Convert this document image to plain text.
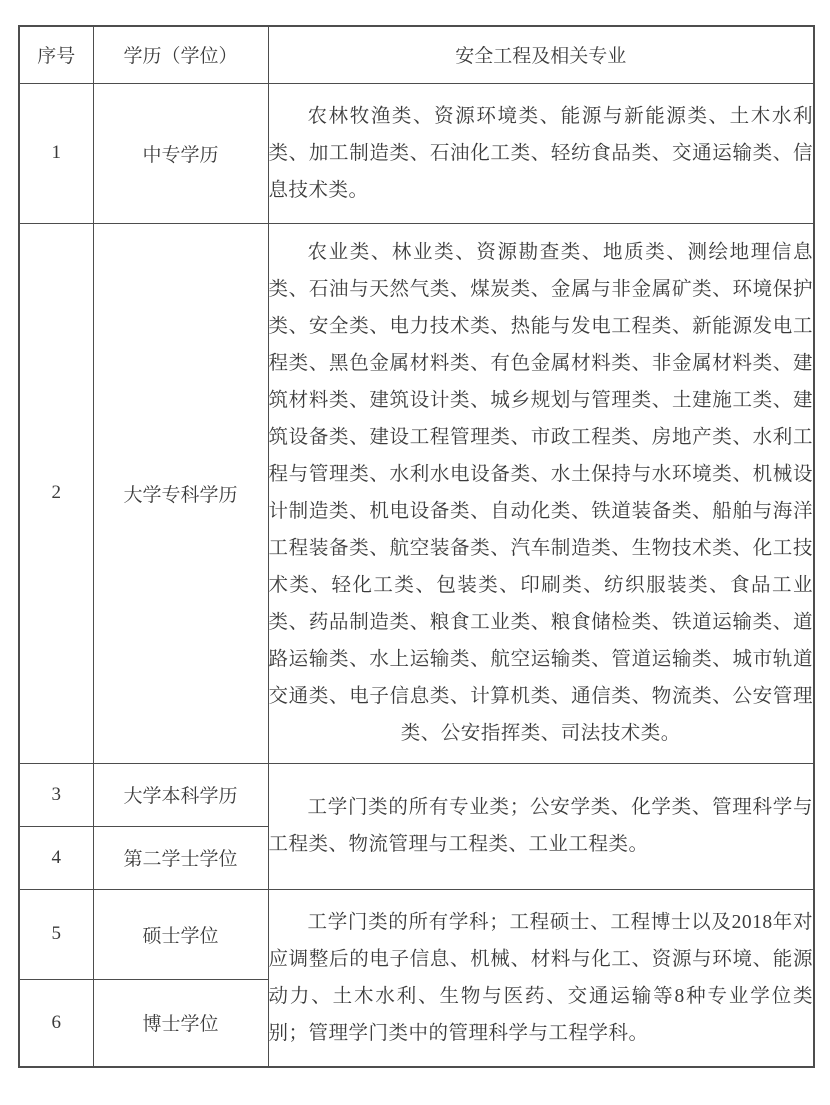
序号	学历（学位）	安全工程及相关专业
1	中专学历	农林牧渔类、资源环境类、能源与新能源类、土木水利类、加工制造类、石油化工类、轻纺食品类、交通运输类、信息技术类。

2	大学专科学历	农业类、林业类、资源勘查类、地质类、测绘地理信息类、石油与天然气类、煤炭类、金属与非金属矿类、环境保护类、安全类、电力技术类、热能与发电工程类、新能源发电工程类、黑色金属材料类、有色金属材料类、非金属材料类、建筑材料类、建筑设计类、城乡规划与管理类、土建施工类、建筑设备类、建设工程管理类、市政工程类、房地产类、水利工程与管理类、水利水电设备类、水土保持与水环境类、机械设计制造类、机电设备类、自动化类、铁道装备类、船舶与海洋工程装备类、航空装备类、汽车制造类、生物技术类、化工技术类、轻化工类、包装类、印刷类、纺织服装类、食品工业类、药品制造类、粮食工业类、粮食储检类、铁道运输类、道路运输类、水上运输类、航空运输类、管道运输类、城市轨道交通类、电子信息类、计算机类、通信类、物流类、公安管理类、公安指挥类、司法技术类。

3	大学本科学历	工学门类的所有专业类；公安学类、化学类、管理科学与工程类、物流管理与工程类、工业工程类。

4	第二学士学位	
5	硕士学位	工学门类的所有学科；工程硕士、工程博士以及2018年对应调整后的电子信息、机械、材料与化工、资源与环境、能源动力、土木水利、生物与医药、交通运输等8种专业学位类别；管理学门类中的管理科学与工程学科。

6	博士学位	
